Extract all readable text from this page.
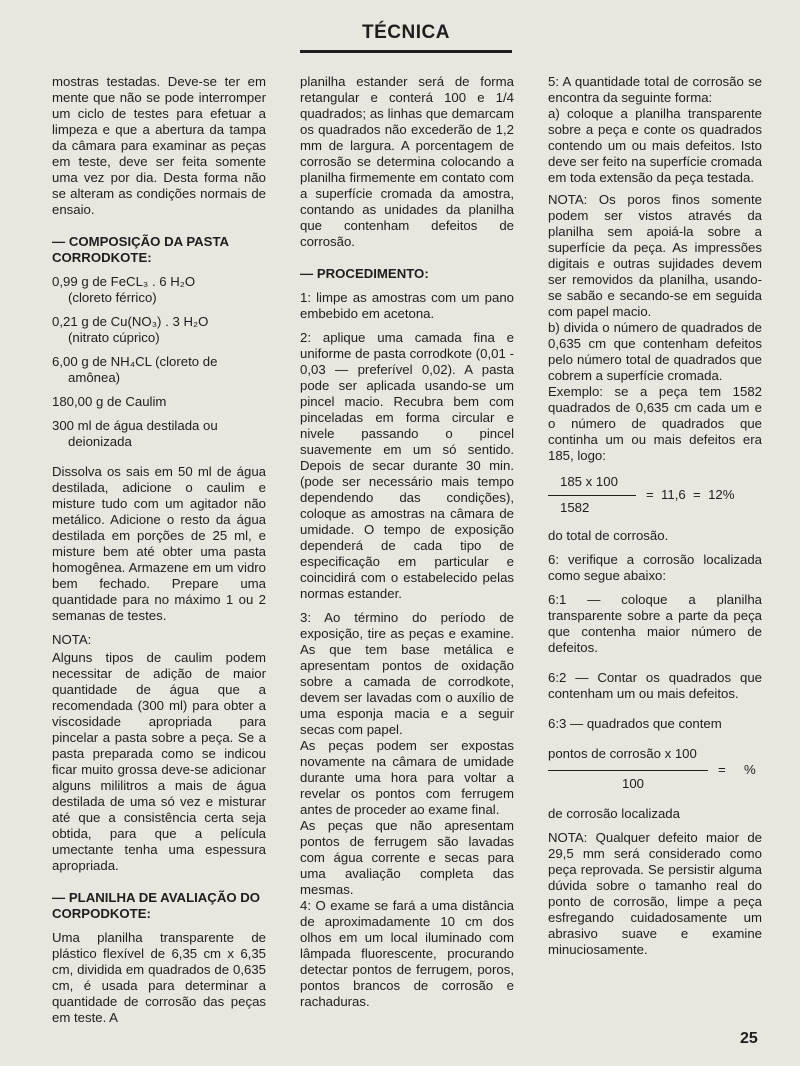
TÉCNICA

mostras testadas. Deve-se ter em mente que não se pode interromper um ciclo de testes para efetuar a limpeza e que a abertura da tampa da câmara para examinar as peças em teste, deve ser feita somente uma vez por dia. Desta forma não se alteram as condições normais de ensaio.

— COMPOSIÇÃO DA PASTA CORRODKOTE:
0,99 g de FeCL₃ . 6 H₂O
(cloreto férrico)
0,21 g de Cu(NO₃) . 3 H₂O
(nitrato cúprico)
6,00 g de NH₄CL (cloreto de
amônea)
180,00 g de Caulim
300 ml de água destilada ou
deionizada

Dissolva os sais em 50 ml de água destilada, adicione o caulim e misture tudo com um agitador não metálico. Adicione o resto da água destilada em porções de 25 ml, e misture bem até obter uma pasta homogênea. Armazene em um vidro bem fechado. Prepare uma quantidade para no máximo 1 ou 2 semanas de testes.

NOTA:

Alguns tipos de caulim podem necessitar de adição de maior quantidade de água que a recomendada (300 ml) para obter a viscosidade apropriada para pincelar a pasta sobre a peça. Se a pasta preparada como se indicou ficar muito grossa deve-se adicionar alguns mililitros a mais de água destilada de uma só vez e misturar até que a consistência certa seja obtida, para que a película umectante tenha uma espessura apropriada.

— PLANILHA DE AVALIAÇÃO DO CORPODKOTE:

Uma planilha transparente de plástico flexível de 6,35 cm x 6,35 cm, dividida em quadrados de 0,635 cm, é usada para determinar a quantidade de corrosão das peças em teste. A

planilha estander será de forma retangular e conterá 100 e 1/4 quadrados; as linhas que demarcam os quadrados não excederão de 1,2 mm de largura. A porcentagem de corrosão se determina colocando a planilha firmemente em contato com a superfície cromada da amostra, contando as unidades da planilha que contenham defeitos de corrosão.

— PROCEDIMENTO:

1: limpe as amostras com um pano embebido em acetona.

2: aplique uma camada fina e uniforme de pasta corrodkote (0,01 - 0,03 — preferível 0,02). A pasta pode ser aplicada usando-se um pincel macio. Recubra bem com pinceladas em forma circular e nivele passando o pincel suavemente em um só sentido. Depois de secar durante 30 min. (pode ser necessário mais tempo dependendo das condições), coloque as amostras na câmara de umidade. O tempo de exposição dependerá de cada tipo de especificação em particular e coincidirá com o estabelecido pelas normas estander.

3: Ao término do período de exposição, tire as peças e examine. As que tem base metálica e apresentam pontos de oxidação sobre a camada de corrodkote, devem ser lavadas com o auxílio de uma esponja macia e a seguir secas com papel.

As peças podem ser expostas novamente na câmara de umidade durante uma hora para voltar a revelar os pontos com ferrugem antes de proceder ao exame final.

As peças que não apresentam pontos de ferrugem são lavadas com água corrente e secas para uma avaliação completa das mesmas.

4: O exame se fará a uma distância de aproximadamente 10 cm dos olhos em um local iluminado com lâmpada fluorescente, procurando detectar pontos de ferrugem, poros, pontos brancos de corrosão e rachaduras.

5: A quantidade total de corrosão se encontra da seguinte forma:

a) coloque a planilha transparente sobre a peça e conte os quadrados contendo um ou mais defeitos. Isto deve ser feito na superfície cromada em toda extensão da peça testada.

NOTA: Os poros finos somente podem ser vistos através da planilha sem apoiá-la sobre a superfície da peça. As impressões digitais e outras sujidades devem ser removidos da planilha, usando-se sabão e secando-se em seguida com papel macio.

b) divida o número de quadrados de 0,635 cm que contenham defeitos pelo número total de quadrados que cobrem a superfície cromada.

Exemplo: se a peça tem 1582 quadrados de 0,635 cm cada um e o número de quadrados que continha um ou mais defeitos era 185, logo:

185 x 100
1582
=  11,6  =  12%

do total de corrosão.

6: verifique a corrosão localizada como segue abaixo:

6:1 — coloque a planilha transparente sobre a parte da peça que contenha maior número de defeitos.

6:2 — Contar os quadrados que contenham um ou mais defeitos.

6:3 — quadrados que contem

pontos de corrosão x 100
100
=     %

de corrosão localizada

NOTA: Qualquer defeito maior de 29,5 mm será considerado como peça reprovada. Se persistir alguma dúvida sobre o tamanho real do ponto de corrosão, limpe a peça esfregando cuidadosamente um abrasivo suave e examine minuciosamente.

25
